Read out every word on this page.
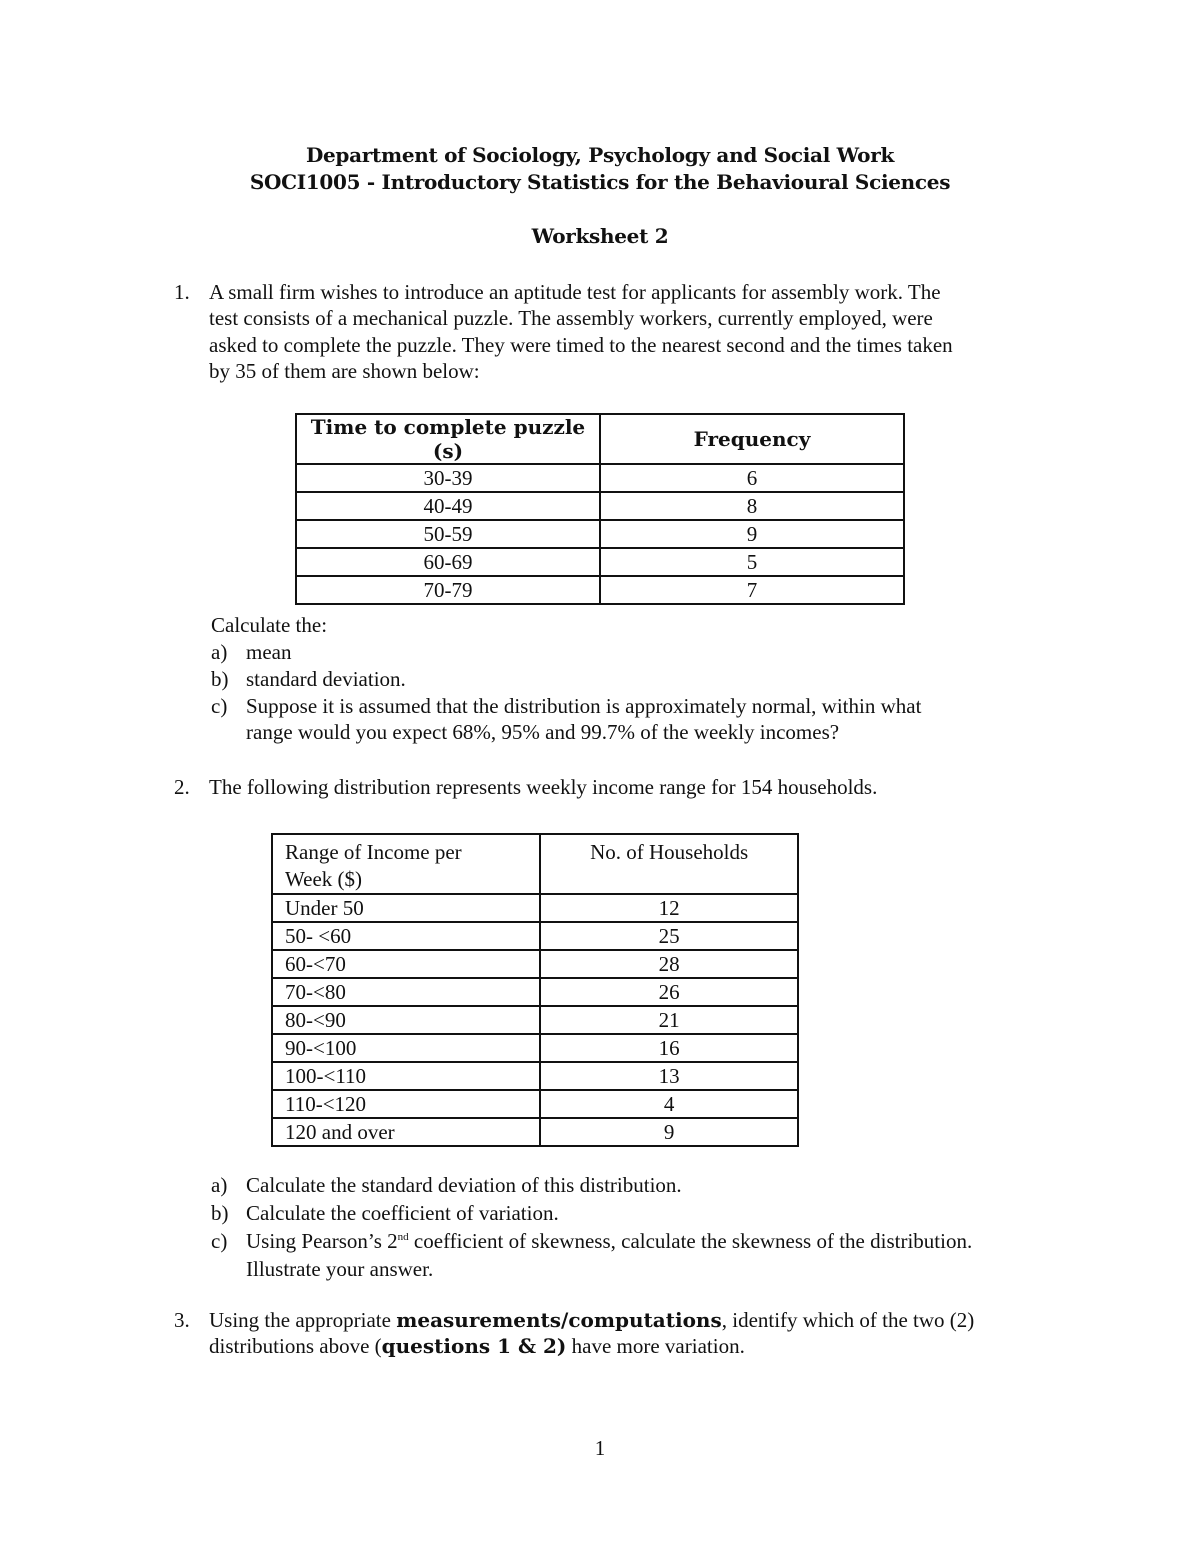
Department of Sociology, Psychology and Social Work
SOCI1005 - Introductory Statistics for the Behavioural Sciences
Worksheet 2
1. A small firm wishes to introduce an aptitude test for applicants for assembly work. The
test consists of a mechanical puzzle. The assembly workers, currently employed, were
asked to complete the puzzle. They were timed to the nearest second and the times taken
by 35 of them are shown below:
Time to complete puzzle (s)	Frequency
30-39	6
40-49	8
50-59	9
60-69	5
70-79	7
Calculate the:
a) mean
b) standard deviation.
c) Suppose it is assumed that the distribution is approximately normal, within what
range would you expect 68%, 95% and 99.7% of the weekly incomes?
2. The following distribution represents weekly income range for 154 households.
Range of Income per
Week ($)	No. of Households
Under 50	12
50- <60	25
60-<70	28
70-<80	26
80-<90	21
90-<100	16
100-<110	13
110-<120	4
120 and over	9
a) Calculate the standard deviation of this distribution.
b) Calculate the coefficient of variation.
c) Using Pearson’s 2nd coefficient of skewness, calculate the skewness of the distribution.
Illustrate your answer.
3. Using the appropriate measurements/computations, identify which of the two (2)
distributions above (questions 1 & 2) have more variation.
1
